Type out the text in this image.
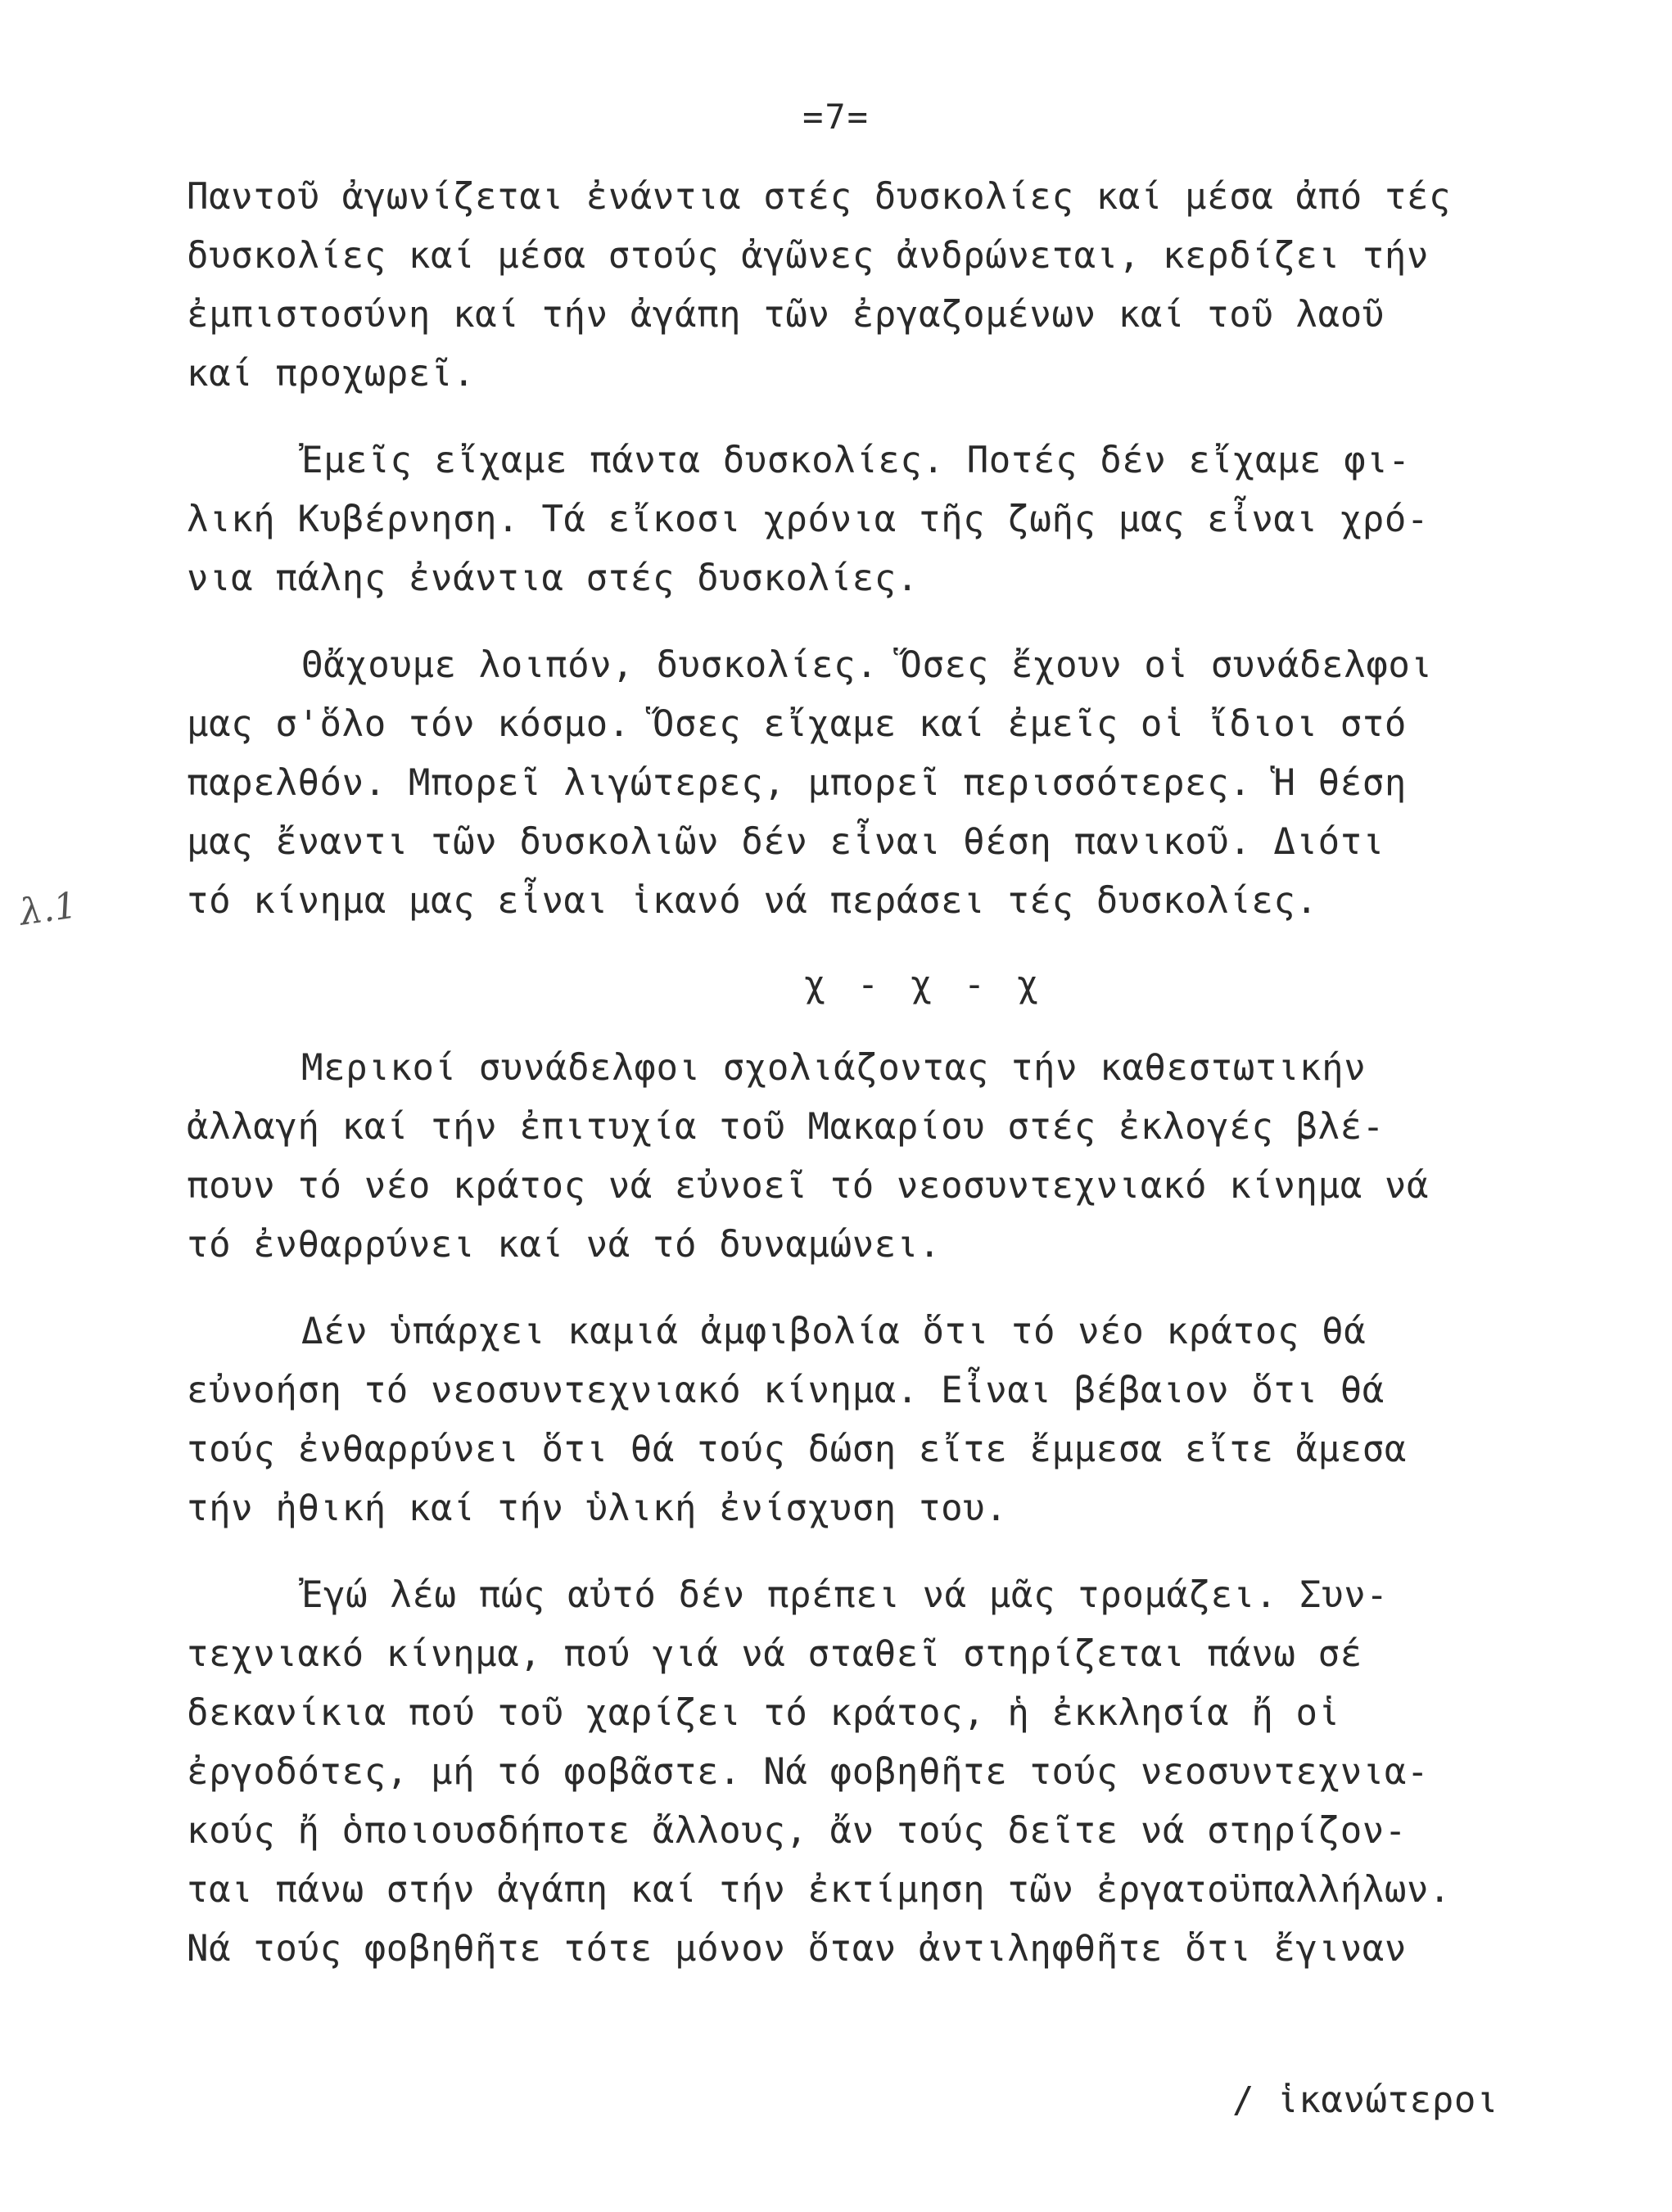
=7=
λ.1
Παντοῦ ἀγωνίζεται ἐνάντια στές δυσκολίες καί μέσα ἀπό τές
δυσκολίες καί μέσα στούς ἀγῶνες ἀνδρώνεται, κερδίζει τήν
ἐμπιστοσύνη καί τήν ἀγάπη τῶν ἐργαζομένων καί τοῦ λαοῦ
καί προχωρεῖ.
Ἐμεῖς εἴχαμε πάντα δυσκολίες. Ποτές δέν εἴχαμε φι-
λική Κυβέρνηση. Τά εἴκοσι χρόνια τῆς ζωῆς μας εἶναι χρό-
νια πάλης ἐνάντια στές δυσκολίες.
Θἄχουμε λοιπόν, δυσκολίες. Ὅσες ἔχουν οἱ συνάδελφοι
μας σ'ὅλο τόν κόσμο. Ὅσες εἴχαμε καί ἐμεῖς οἱ ἴδιοι στό
παρελθόν. Μπορεῖ λιγώτερες, μπορεῖ περισσότερες. Ἡ θέση
μας ἔναντι τῶν δυσκολιῶν δέν εἶναι θέση πανικοῦ. Διότι
τό κίνημα μας εἶναι ἱκανό νά περάσει τές δυσκολίες.
χ - χ - χ
Μερικοί συνάδελφοι σχολιάζοντας τήν καθεστωτικήν
ἀλλαγή καί τήν ἐπιτυχία τοῦ Μακαρίου στές ἐκλογές βλέ-
πουν τό νέο κράτος νά εὐνοεῖ τό νεοσυντεχνιακό κίνημα νά
τό ἐνθαρρύνει καί νά τό δυναμώνει.
Δέν ὑπάρχει καμιά ἀμφιβολία ὅτι τό νέο κράτος θά
εὐνοήση τό νεοσυντεχνιακό κίνημα. Εἶναι βέβαιον ὅτι θά
τούς ἐνθαρρύνει ὅτι θά τούς δώση εἴτε ἔμμεσα εἴτε ἄμεσα
τήν ἠθική καί τήν ὑλική ἐνίσχυση του.
Ἐγώ λέω πώς αὐτό δέν πρέπει νά μᾶς τρομάζει. Συν-
τεχνιακό κίνημα, πού γιά νά σταθεῖ στηρίζεται πάνω σέ
δεκανίκια πού τοῦ χαρίζει τό κράτος, ἡ ἐκκλησία ἤ οἱ
ἐργοδότες, μή τό φοβᾶστε. Νά φοβηθῆτε τούς νεοσυντεχνια-
κούς ἤ ὁποιουσδήποτε ἄλλους, ἄν τούς δεῖτε νά στηρίζον-
ται πάνω στήν ἀγάπη καί τήν ἐκτίμηση τῶν ἐργατοϋπαλλήλων.
Νά τούς φοβηθῆτε τότε μόνον ὅταν ἀντιληφθῆτε ὅτι ἔγιναν
/ ἱκανώτεροι
